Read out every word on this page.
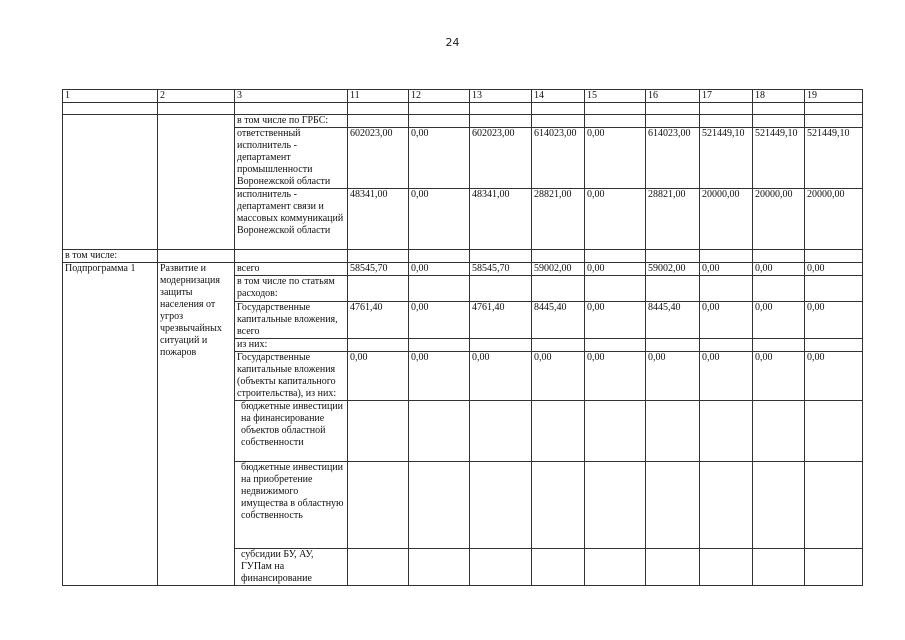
24
1	2	3	11	12	13	14	15	16	17	18	19

		в том числе по ГРБС:									
		ответственный исполнитель - департамент промышленности Воронежской области	602023,00	0,00	602023,00	614023,00	0,00	614023,00	521449,10	521449,10	521449,10
		исполнитель - департамент связи и массовых коммуникаций Воронежской области	48341,00	0,00	48341,00	28821,00	0,00	28821,00	20000,00	20000,00	20000,00
в том числе:											
Подпрограмма 1	Развитие и модернизация защиты населения от угроз чрезвычайных ситуаций и пожаров	всего	58545,70	0,00	58545,70	59002,00	0,00	59002,00	0,00	0,00	0,00
		в том числе по статьям расходов:									
		Государственные капитальные вложения, всего	4761,40	0,00	4761,40	8445,40	0,00	8445,40	0,00	0,00	0,00
		из них:									
		Государственные капитальные вложения (объекты капитального строительства), из них:	0,00	0,00	0,00	0,00	0,00	0,00	0,00	0,00	0,00
		бюджетные инвестиции на финансирование объектов областной собственности									
		бюджетные инвестиции на приобретение недвижимого имущества в областную собственность									
		субсидии БУ, АУ, ГУПам на финансирование									
